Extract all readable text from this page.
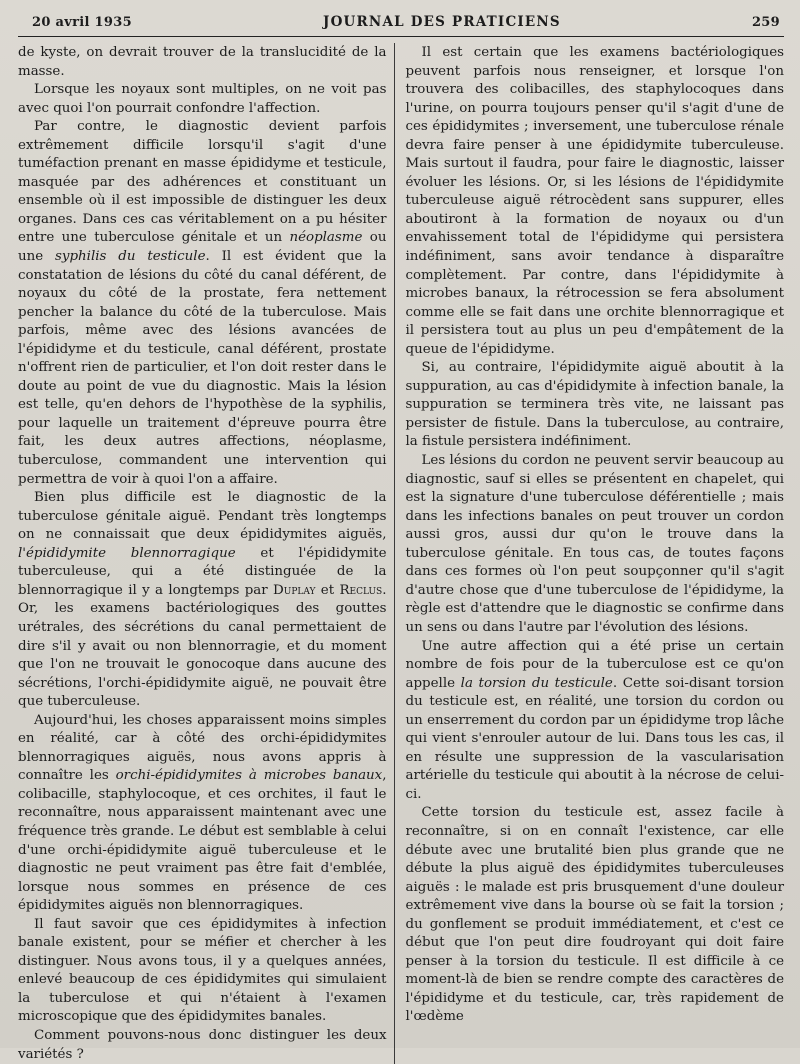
20 avril 1935	JOURNAL DES PRATICIENS	259

de kyste, on devrait trouver de la translucidité de la masse.

Lorsque les noyaux sont multiples, on ne voit pas avec quoi l'on pourrait confondre l'affection.

Par contre, le diagnostic devient parfois extrêmement difficile lorsqu'il s'agit d'une tuméfaction prenant en masse épididyme et testicule, masquée par des adhérences et constituant un ensemble où il est impossible de distinguer les deux organes. Dans ces cas véritablement on a pu hésiter entre une tuberculose génitale et un néoplasme ou une syphilis du testicule. Il est évident que la constatation de lésions du côté du canal déférent, de noyaux du côté de la prostate, fera nettement pencher la balance du côté de la tuberculose. Mais parfois, même avec des lésions avancées de l'épididyme et du testicule, canal déférent, prostate n'offrent rien de particulier, et l'on doit rester dans le doute au point de vue du diagnostic. Mais la lésion est telle, qu'en dehors de l'hypothèse de la syphilis, pour laquelle un traitement d'épreuve pourra être fait, les deux autres affections, néoplasme, tuberculose, commandent une intervention qui permettra de voir à quoi l'on a affaire.

Bien plus difficile est le diagnostic de la tuberculose génitale aiguë. Pendant très longtemps on ne connaissait que deux épididymites aiguës, l'épididymite blennorragique et l'épididymite tuberculeuse, qui a été distinguée de la blennorragique il y a longtemps par Duplay et Reclus. Or, les examens bactériologiques des gouttes urétrales, des sécrétions du canal permettaient de dire s'il y avait ou non blennorragie, et du moment que l'on ne trouvait le gonocoque dans aucune des sécrétions, l'orchi-épididymite aiguë, ne pouvait être que tuberculeuse.

Aujourd'hui, les choses apparaissent moins simples en réalité, car à côté des orchi-épididymites blennorragiques aiguës, nous avons appris à connaître les orchi-épididymites à microbes banaux, colibacille, staphylocoque, et ces orchites, il faut le reconnaître, nous apparaissent maintenant avec une fréquence très grande. Le début est semblable à celui d'une orchi-épididymite aiguë tuberculeuse et le diagnostic ne peut vraiment pas être fait d'emblée, lorsque nous sommes en présence de ces épididymites aiguës non blennorragiques.

Il faut savoir que ces épididymites à infection banale existent, pour se méfier et chercher à les distinguer. Nous avons tous, il y a quelques années, enlevé beaucoup de ces épididymites qui simulaient la tuberculose et qui n'étaient à l'examen microscopique que des épididymites banales.

Comment pouvons-nous donc distinguer les deux variétés ?

Il est certain que les examens bactériologiques peuvent parfois nous renseigner, et lorsque l'on trouvera des colibacilles, des staphylocoques dans l'urine, on pourra toujours penser qu'il s'agit d'une de ces épididymites ; inversement, une tuberculose rénale devra faire penser à une épididymite tuberculeuse. Mais surtout il faudra, pour faire le diagnostic, laisser évoluer les lésions. Or, si les lésions de l'épididymite tuberculeuse aiguë rétrocèdent sans suppurer, elles aboutiront à la formation de noyaux ou d'un envahissement total de l'épididyme qui persistera indéfiniment, sans avoir tendance à disparaître complètement. Par contre, dans l'épididymite à microbes banaux, la rétrocession se fera absolument comme elle se fait dans une orchite blennorragique et il persistera tout au plus un peu d'empâtement de la queue de l'épididyme.

Si, au contraire, l'épididymite aiguë aboutit à la suppuration, au cas d'épididymite à infection banale, la suppuration se terminera très vite, ne laissant pas persister de fistule. Dans la tuberculose, au contraire, la fistule persistera indéfiniment.

Les lésions du cordon ne peuvent servir beaucoup au diagnostic, sauf si elles se présentent en chapelet, qui est la signature d'une tuberculose déférentielle ; mais dans les infections banales on peut trouver un cordon aussi gros, aussi dur qu'on le trouve dans la tuberculose génitale. En tous cas, de toutes façons dans ces formes où l'on peut soupçonner qu'il s'agit d'autre chose que d'une tuberculose de l'épididyme, la règle est d'attendre que le diagnostic se confirme dans un sens ou dans l'autre par l'évolution des lésions.

Une autre affection qui a été prise un certain nombre de fois pour de la tuberculose est ce qu'on appelle la torsion du testicule. Cette soi-disant torsion du testicule est, en réalité, une torsion du cordon ou un enserrement du cordon par un épididyme trop lâche qui vient s'enrouler autour de lui. Dans tous les cas, il en résulte une suppression de la vascularisation artérielle du testicule qui aboutit à la nécrose de celui-ci.

Cette torsion du testicule est, assez facile à reconnaître, si on en connaît l'existence, car elle débute avec une brutalité bien plus grande que ne débute la plus aiguë des épididymites tuberculeuses aiguës : le malade est pris brusquement d'une douleur extrêmement vive dans la bourse où se fait la torsion ; du gonflement se produit immédiatement, et c'est ce début que l'on peut dire foudroyant qui doit faire penser à la torsion du testicule. Il est difficile à ce moment-là de bien se rendre compte des caractères de l'épididyme et du testicule, car, très rapidement de l'œdème
